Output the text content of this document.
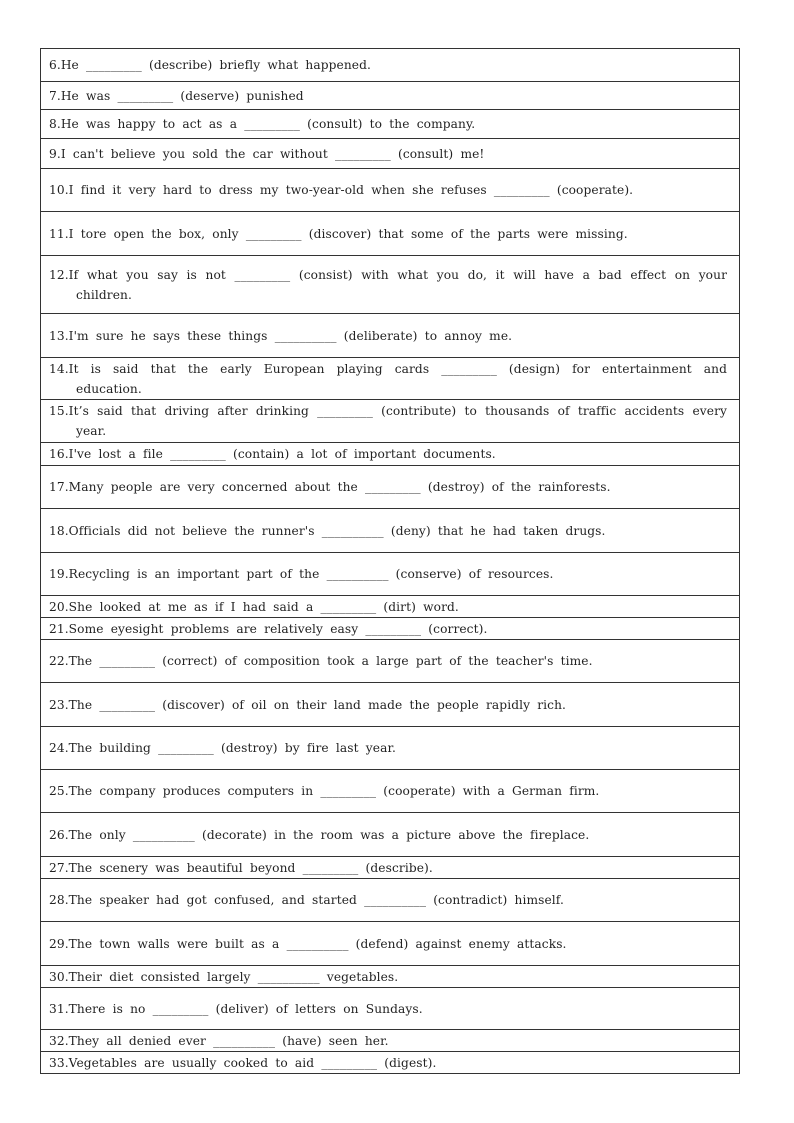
6.He _________ (describe) briefly what happened.
7.He was _________ (deserve) punished
8.He was happy to act as a _________ (consult) to the company.
9.I can't believe you sold the car without _________ (consult) me!
10.I find it very hard to dress my two-year-old when she refuses _________ (cooperate).
11.I tore open the box, only _________ (discover) that some of the parts were missing.
12.If what you say is not _________ (consist) with what you do, it will have a bad effect on your children.
13.I'm sure he says these things __________ (deliberate) to annoy me.
14.It is said that the early European playing cards _________ (design) for entertainment and education.
15.It’s said that driving after drinking _________ (contribute) to thousands of traffic accidents every year.
16.I've lost a file _________ (contain) a lot of important documents.
17.Many people are very concerned about the _________ (destroy) of the rainforests.
18.Officials did not believe the runner's __________ (deny) that he had taken drugs.
19.Recycling is an important part of the __________ (conserve) of resources.
20.She looked at me as if I had said a _________ (dirt) word.
21.Some eyesight problems are relatively easy _________ (correct).
22.The _________ (correct) of composition took a large part of the teacher's time.
23.The _________ (discover) of oil on their land made the people rapidly rich.
24.The building _________ (destroy) by fire last year.
25.The company produces computers in _________ (cooperate) with a German firm.
26.The only __________ (decorate) in the room was a picture above the fireplace.
27.The scenery was beautiful beyond _________ (describe).
28.The speaker had got confused, and started __________ (contradict) himself.
29.The town walls were built as a __________ (defend) against enemy attacks.
30.Their diet consisted largely __________ vegetables.
31.There is no _________ (deliver) of letters on Sundays.
32.They all denied ever __________ (have) seen her.
33.Vegetables are usually cooked to aid _________ (digest).
